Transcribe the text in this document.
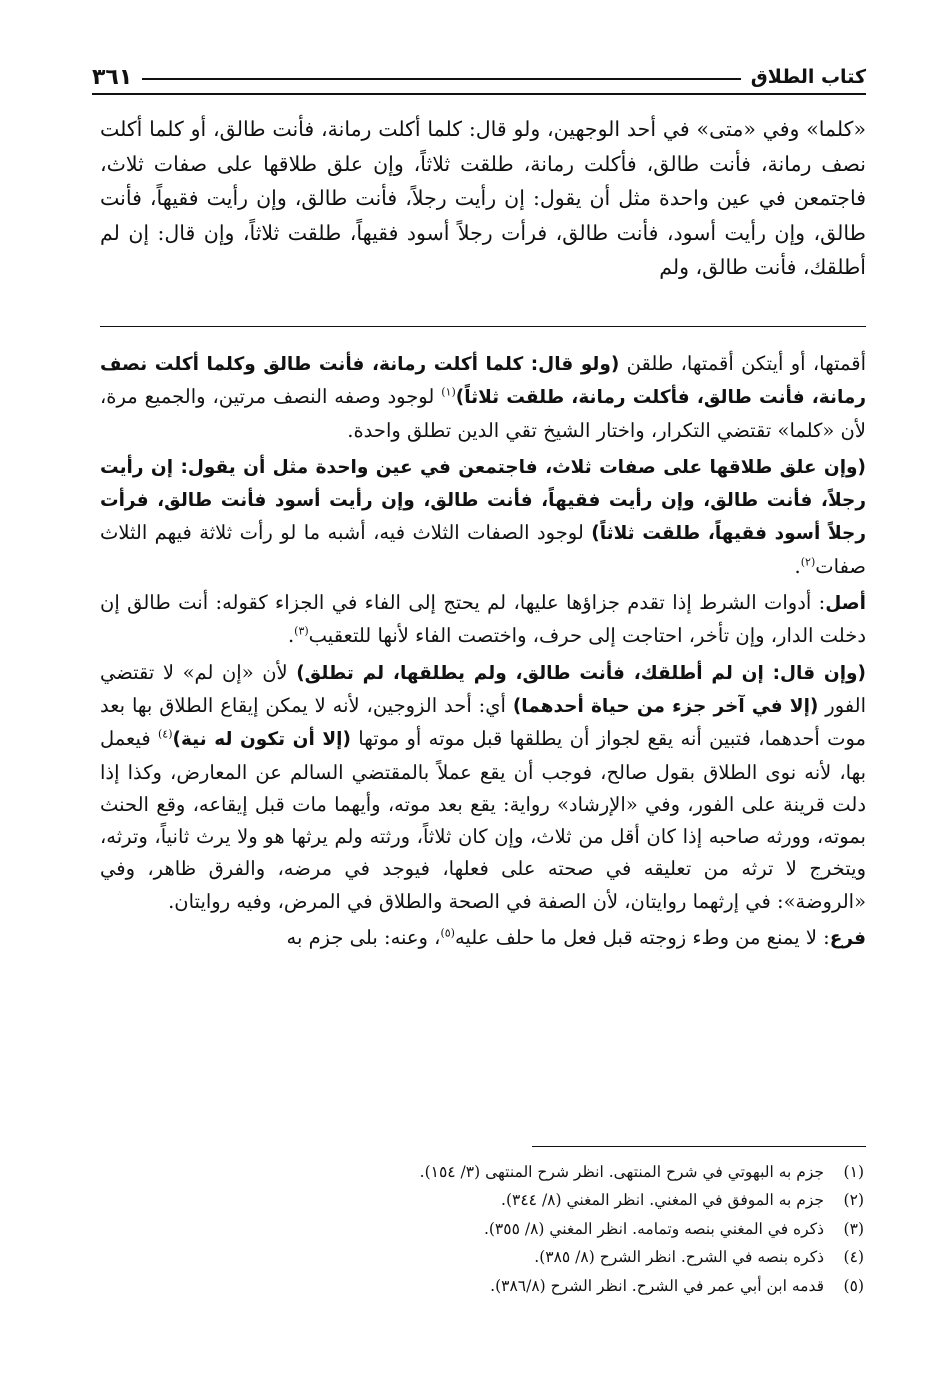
كتاب الطلاق
٣٦١

«كلما» وفي «متى» في أحد الوجهين، ولو قال: كلما أكلت رمانة، فأنت طالق، أو كلما أكلت نصف رمانة، فأنت طالق، فأكلت رمانة، طلقت ثلاثاً، وإن علق طلاقها على صفات ثلاث، فاجتمعن في عين واحدة مثل أن يقول: إن رأيت رجلاً، فأنت طالق، وإن رأيت فقيهاً، فأنت طالق، وإن رأيت أسود، فأنت طالق، فرأت رجلاً أسود فقيهاً، طلقت ثلاثاً، وإن قال: إن لم أطلقك، فأنت طالق، ولم

أقمتها، أو أيتكن أقمتها، طلقن (ولو قال: كلما أكلت رمانة، فأنت طالق وكلما أكلت نصف رمانة، فأنت طالق، فأكلت رمانة، طلقت ثلاثاً)$^{(١)}$ لوجود وصفه النصف مرتين، والجميع مرة، لأن «كلما» تقتضي التكرار، واختار الشيخ تقي الدين تطلق واحدة.

(وإن علق طلاقها على صفات ثلاث، فاجتمعن في عين واحدة مثل أن يقول: إن رأيت رجلاً، فأنت طالق، وإن رأيت فقيهاً، فأنت طالق، وإن رأيت أسود فأنت طالق، فرأت رجلاً أسود فقيهاً، طلقت ثلاثاً) لوجود الصفات الثلاث فيه، أشبه ما لو رأت ثلاثة فيهم الثلاث صفات$^{(٢)}$.

أصل: أدوات الشرط إذا تقدم جزاؤها عليها، لم يحتج إلى الفاء في الجزاء كقوله: أنت طالق إن دخلت الدار، وإن تأخر، احتاجت إلى حرف، واختصت الفاء لأنها للتعقيب$^{(٣)}$.

(وإن قال: إن لم أطلقك، فأنت طالق، ولم يطلقها، لم تطلق) لأن «إن لم» لا تقتضي الفور (إلا في آخر جزء من حياة أحدهما) أي: أحد الزوجين، لأنه لا يمكن إيقاع الطلاق بها بعد موت أحدهما، فتبين أنه يقع لجواز أن يطلقها قبل موته أو موتها (إلا أن تكون له نية)$^{(٤)}$ فيعمل بها، لأنه نوى الطلاق بقول صالح، فوجب أن يقع عملاً بالمقتضي السالم عن المعارض، وكذا إذا دلت قرينة على الفور، وفي «الإرشاد» رواية: يقع بعد موته، وأيهما مات قبل إيقاعه، وقع الحنث بموته، وورثه صاحبه إذا كان أقل من ثلاث، وإن كان ثلاثاً، ورثته ولم يرثها هو ولا يرث ثانياً، وترثه، ويتخرج لا ترثه من تعليقه في صحته على فعلها، فيوجد في مرضه، والفرق ظاهر، وفي «الروضة»: في إرثهما روايتان، لأن الصفة في الصحة والطلاق في المرض، وفيه روايتان.

فرع: لا يمنع من وطء زوجته قبل فعل ما حلف عليه$^{(٥)}$، وعنه: بلى جزم به

(١)
جزم به البهوتي في شرح المنتهى. انظر شرح المنتهى (٣/ ١٥٤).
(٢)
جزم به الموفق في المغني. انظر المغني (٨/ ٣٤٤).
(٣)
ذكره في المغني بنصه وتمامه. انظر المغني (٨/ ٣٥٥).
(٤)
ذكره بنصه في الشرح. انظر الشرح (٨/ ٣٨٥).
(٥)
قدمه ابن أبي عمر في الشرح. انظر الشرح (٣٨٦/٨).
